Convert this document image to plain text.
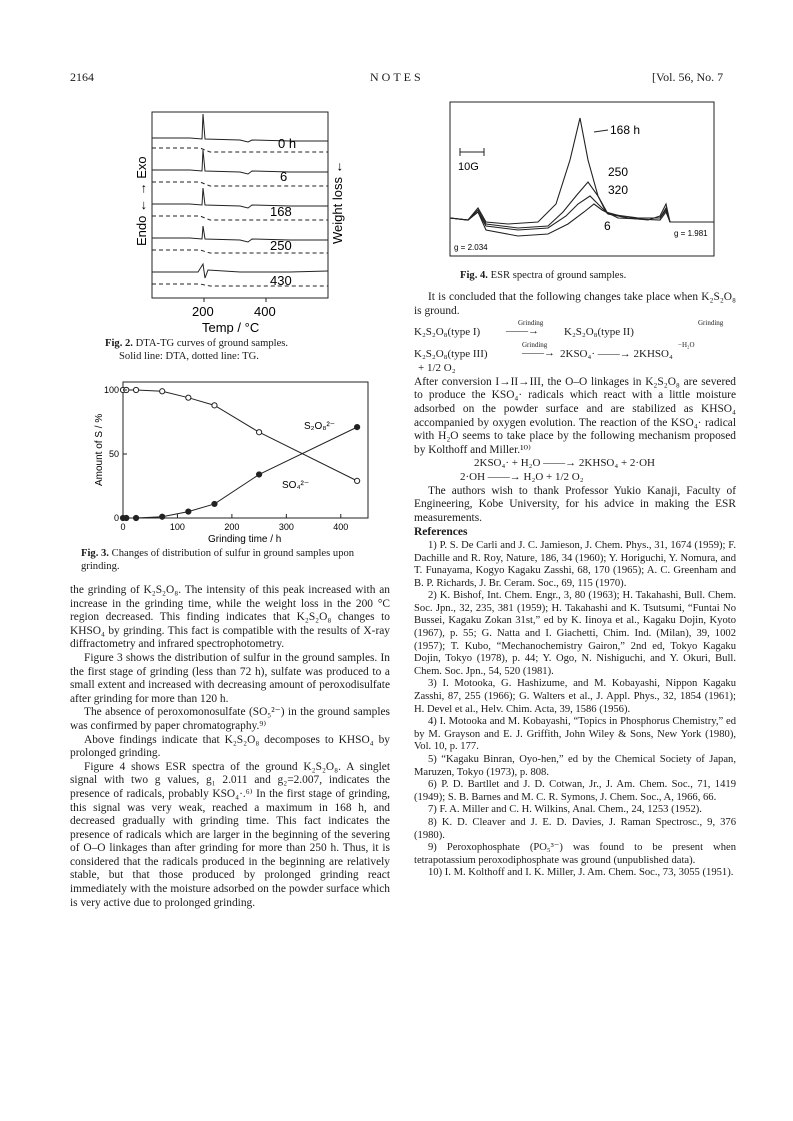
2164	NOTES	[Vol. 56, No. 7
0 h
6
168
250
430
200	400
Temp / °C
Endo ← → Exo	Weight loss ←
Fig. 2. DTA-TG curves of ground samples.
Solid line: DTA, dotted line: TG.
0
50
100
0	100	200	300	400
S₂O₈²⁻
SO₄²⁻
Grinding time / h
Amount of S / %
Fig. 3. Changes of distribution of sulfur in ground samples upon grinding.
10G
168 h
250
320
6
g = 2.034
g = 1.981
Fig. 4. ESR spectra of ground samples.

the grinding of K₂S₂O₈. The intensity of this peak increased with an increase in the grinding time, while the weight loss in the 200 °C region decreased. This finding indicates that K₂S₂O₈ changes to KHSO₄ by grinding. This fact is compatible with the results of X-ray diffractometry and infrared spectrophotometry.

Figure 3 shows the distribution of sulfur in the ground samples. In the first stage of grinding (less than 72 h), sulfate was produced to a small extent and increased with decreasing amount of peroxodisulfate after grinding for more than 120 h.

The absence of peroxomonosulfate (SO₅²⁻) in the ground samples was confirmed by paper chromatography.⁹⁾

Above findings indicate that K₂S₂O₈ decomposes to KHSO₄ by prolonged grinding.

Figure 4 shows ESR spectra of the ground K₂S₂O₈. A singlet signal with two g values, g₁ 2.011 and g₂=2.007, indicates the presence of radicals, probably KSO₄·.⁶⁾ In the first stage of grinding, this signal was very weak, reached a maximum in 168 h, and decreased gradually with grinding time. This fact indicates the presence of radicals which are larger in the beginning of the severing of O–O linkages than after grinding for more than 250 h. Thus, it is considered that the radicals produced in the beginning are relatively stable, but that those produced by prolonged grinding react immediately with the moisture adsorbed on the powder surface which is very active due to prolonged grinding.

It is concluded that the following changes take place when K₂S₂O₈ is ground.

K₂S₂O₈(type I)
Grinding
——→ K₂S₂O₈(type II)
Grinding
Grinding	−H₂O
K₂S₂O₈(type III)	——→ 2KSO₄· ——→ 2KHSO₄

+ 1/2 O₂

After conversion I→II→III, the O–O linkages in K₂S₂O₈ are severed to produce the KSO₄· radicals which react with a little moisture adsorbed on the powder surface and are stabilized as KHSO₄ accompanied by oxygen evolution. The reaction of the KSO₄· radical with H₂O seems to take place by the following mechanism proposed by Kolthoff and Miller.¹⁰⁾

2KSO₄· + H₂O ——→ 2KHSO₄ + 2·OH

2·OH ——→ H₂O + 1/2 O₂

The authors wish to thank Professor Yukio Kanaji, Faculty of Engineering, Kobe University, for his advice in making the ESR measurements.

References

1) P. S. De Carli and J. C. Jamieson, J. Chem. Phys., 31, 1674 (1959); F. Dachille and R. Roy, Nature, 186, 34 (1960); Y. Horiguchi, Y. Nomura, and T. Funayama, Kogyo Kagaku Zasshi, 68, 170 (1965); A. C. Greenham and B. P. Richards, J. Br. Ceram. Soc., 69, 115 (1970).

2) K. Bishof, Int. Chem. Engr., 3, 80 (1963); H. Takahashi, Bull. Chem. Soc. Jpn., 32, 235, 381 (1959); H. Takahashi and K. Tsutsumi, “Funtai No Bussei, Kagaku Zokan 31st,” ed by K. Iinoya et al., Kagaku Dojin, Kyoto (1967), p. 55; G. Natta and I. Giachetti, Chim. Ind. (Milan), 39, 1002 (1957); T. Kubo, “Mechanochemistry Gairon,” 2nd ed, Tokyo Kagaku Dojin, Tokyo (1978), p. 44; Y. Ogo, N. Nishiguchi, and Y. Okuri, Bull. Chem. Soc. Jpn., 54, 520 (1981).

3) I. Motooka, G. Hashizume, and M. Kobayashi, Nippon Kagaku Zasshi, 87, 255 (1966); G. Walters et al., J. Appl. Phys., 32, 1854 (1961); H. Devel et al., Helv. Chim. Acta, 39, 1586 (1956).

4) I. Motooka and M. Kobayashi, “Topics in Phosphorus Chemistry,” ed by M. Grayson and E. J. Griffith, John Wiley & Sons, New York (1980), Vol. 10, p. 177.

5) “Kagaku Binran, Oyo-hen,” ed by the Chemical Society of Japan, Maruzen, Tokyo (1973), p. 808.

6) P. D. Bartllet and J. D. Cotwan, Jr., J. Am. Chem. Soc., 71, 1419 (1949); S. B. Barnes and M. C. R. Symons, J. Chem. Soc., A, 1966, 66.

7) F. A. Miller and C. H. Wilkins, Anal. Chem., 24, 1253 (1952).

8) K. D. Cleaver and J. E. D. Davies, J. Raman Spectrosc., 9, 376 (1980).

9) Peroxophosphate (PO₅³⁻) was found to be present when tetrapotassium peroxodiphosphate was ground (unpublished data).

10) I. M. Kolthoff and I. K. Miller, J. Am. Chem. Soc., 73, 3055 (1951).
